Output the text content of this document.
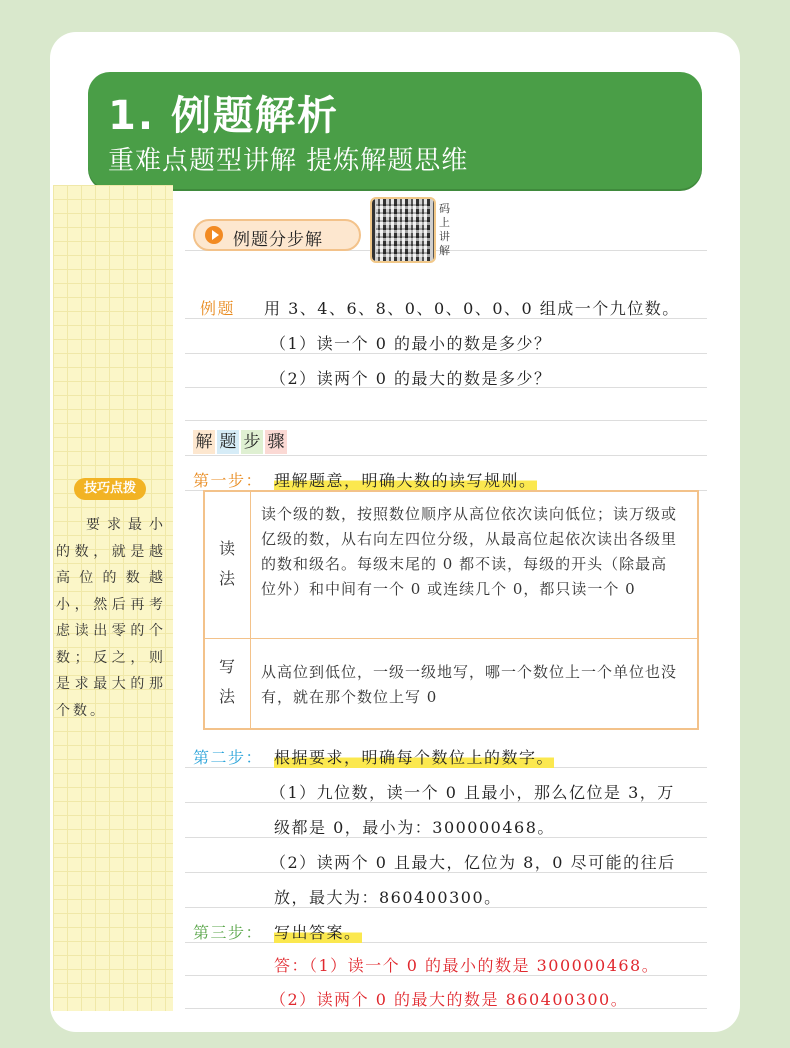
1. 例题解析
重难点题型讲解 提炼解题思维
技巧点拨
要求最小的数，就是越高位的数越小，然后再考虑读出零的个数；反之，则是求最大的那个数。
例题分步解
码上讲解
例题 用 3、4、6、8、0、0、0、0、0 组成一个九位数。
（1）读一个 0 的最小的数是多少？
（2）读两个 0 的最大的数是多少？
解 题 步 骤
第一步： 理解题意，明确大数的读写规则。
读法
读个级的数，按照数位顺序从高位依次读向低位；读万级或亿级的数，从右向左四位分级，从最高位起依次读出各级里的数和级名。每级末尾的 0 都不读，每级的开头（除最高位外）和中间有一个 0 或连续几个 0，都只读一个 0
写法
从高位到低位，一级一级地写，哪一个数位上一个单位也没有，就在那个数位上写 0
第二步： 根据要求，明确每个数位上的数字。
（1）九位数，读一个 0 且最小，那么亿位是 3，万
级都是 0，最小为：300000468。
（2）读两个 0 且最大，亿位为 8，0 尽可能的往后
放，最大为：860400300。
第三步： 写出答案。
答：（1）读一个 0 的最小的数是 300000468。
（2）读两个 0 的最大的数是 860400300。
